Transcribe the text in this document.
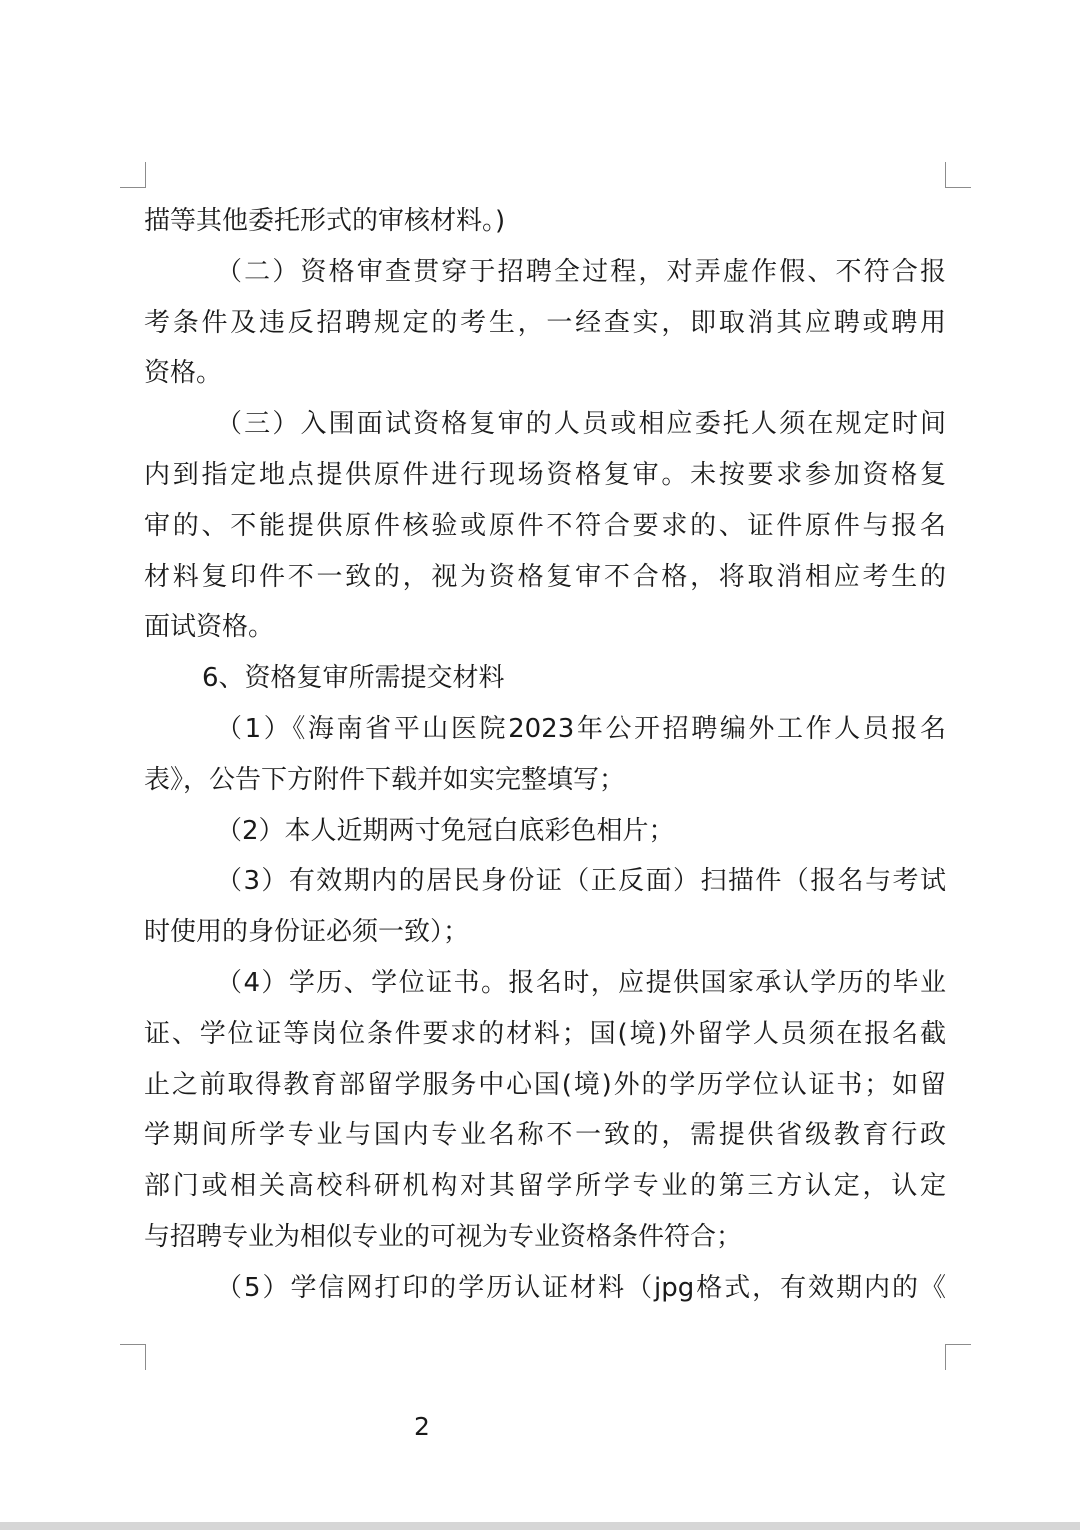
描等其他委托形式的审核材料。)
（二）资格审查贯穿于招聘全过程，对弄虚作假、不符合报
考条件及违反招聘规定的考生，一经查实，即取消其应聘或聘用
资格。
（三）入围面试资格复审的人员或相应委托人须在规定时间
内到指定地点提供原件进行现场资格复审。未按要求参加资格复
审的、不能提供原件核验或原件不符合要求的、证件原件与报名
材料复印件不一致的，视为资格复审不合格，将取消相应考生的
面试资格。
6、资格复审所需提交材料
（1）《海南省平山医院2023年公开招聘编外工作人员报名
表》，公告下方附件下载并如实完整填写；
（2）本人近期两寸免冠白底彩色相片；
（3）有效期内的居民身份证（正反面）扫描件（报名与考试
时使用的身份证必须一致）；
（4）学历、学位证书。报名时，应提供国家承认学历的毕业
证、学位证等岗位条件要求的材料；国(境)外留学人员须在报名截
止之前取得教育部留学服务中心国(境)外的学历学位认证书；如留
学期间所学专业与国内专业名称不一致的，需提供省级教育行政
部门或相关高校科研机构对其留学所学专业的第三方认定，认定
与招聘专业为相似专业的可视为专业资格条件符合；
（5）学信网打印的学历认证材料（jpg格式，有效期内的《
2
